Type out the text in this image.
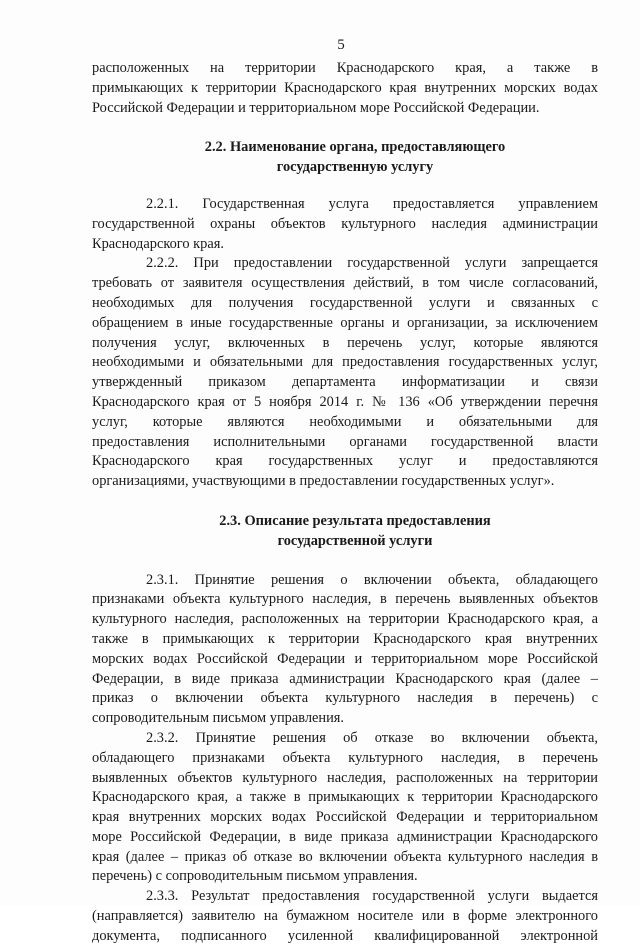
5
расположенных на территории Краснодарского края, а также в
примыкающих к территории Краснодарского края внутренних морских водах
Российской Федерации и территориальном море Российской Федерации.
2.2. Наименование органа, предоставляющего
государственную услугу
2.2.1. Государственная услуга предоставляется управлением
государственной охраны объектов культурного наследия администрации
Краснодарского края.
2.2.2. При предоставлении государственной услуги запрещается
требовать от заявителя осуществления действий, в том числе согласований,
необходимых для получения государственной услуги и связанных с
обращением в иные государственные органы и организации, за исключением
получения услуг, включенных в перечень услуг, которые являются
необходимыми и обязательными для предоставления государственных услуг,
утвержденный приказом департамента информатизации и связи
Краснодарского края от 5 ноября 2014 г. № 136 «Об утверждении перечня
услуг, которые являются необходимыми и обязательными для
предоставления исполнительными органами государственной власти
Краснодарского края государственных услуг и предоставляются
организациями, участвующими в предоставлении государственных услуг».
2.3. Описание результата предоставления
государственной услуги
2.3.1. Принятие решения о включении объекта, обладающего
признаками объекта культурного наследия, в перечень выявленных объектов
культурного наследия, расположенных на территории Краснодарского края, а
также в примыкающих к территории Краснодарского края внутренних
морских водах Российской Федерации и территориальном море Российской
Федерации, в виде приказа администрации Краснодарского края (далее –
приказ о включении объекта культурного наследия в перечень) с
сопроводительным письмом управления.
2.3.2. Принятие решения об отказе во включении объекта,
обладающего признаками объекта культурного наследия, в перечень
выявленных объектов культурного наследия, расположенных на территории
Краснодарского края, а также в примыкающих к территории Краснодарского
края внутренних морских водах Российской Федерации и территориальном
море Российской Федерации, в виде приказа администрации Краснодарского
края (далее – приказ об отказе во включении объекта культурного наследия в
перечень) с сопроводительным письмом управления.
2.3.3. Результат предоставления государственной услуги выдается
(направляется) заявителю на бумажном носителе или в форме электронного
документа, подписанного усиленной квалифицированной электронной
